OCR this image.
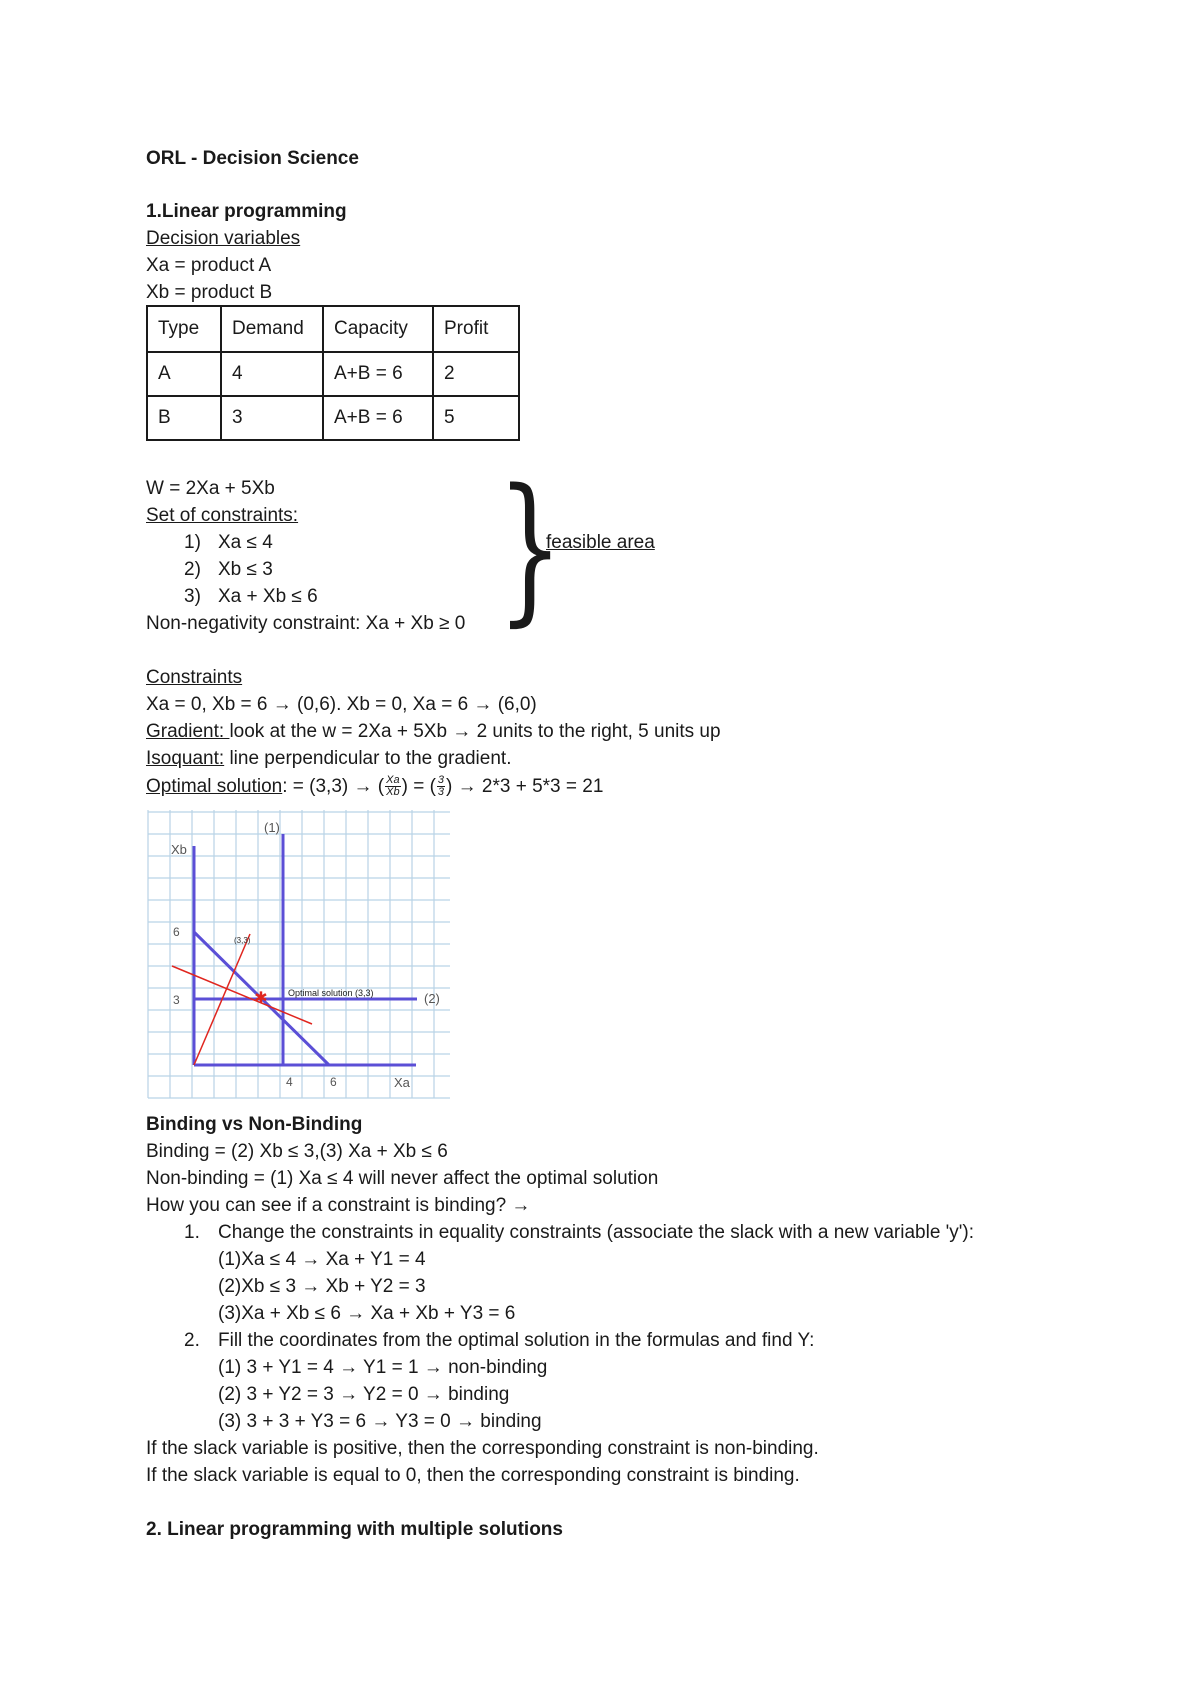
ORL - Decision Science
1.Linear programming
Decision variables
Xa = product A
Xb = product B
Type	Demand	Capacity	Profit
A	4	A+B = 6	2
B	3	A+B = 6	5
W = 2Xa + 5Xb
Set of constraints:
1) Xa ≤ 4
2) Xb ≤ 3
3) Xa + Xb ≤ 6
Non-negativity constraint: Xa + Xb ≥ 0 }
feasible area
Constraints
Xa = 0, Xb = 6 → (0,6). Xb = 0, Xa = 6 → (6,0)
Gradient: look at the w = 2Xa + 5Xb → 2 units to the right, 5 units up
Isoquant: line perpendicular to the gradient.
Optimal solution: = (3,3) → ( $\frac{Xa}{Xb}$ ) = ( $\frac{3}{3}$ ) → 2*3 + 5*3 = 21
✱
Xb
Xa
6
3
4	6
(1)
(2)
(3,3)
Optimal solution (3,3)
Binding vs Non-Binding
Binding = (2) Xb ≤ 3,(3) Xa + Xb ≤ 6
Non-binding = (1) Xa ≤ 4 will never affect the optimal solution
How you can see if a constraint is binding? →
1. Change the constraints in equality constraints (associate the slack with a new variable 'y'):
(1)Xa ≤ 4 → Xa + Y1 = 4
(2)Xb ≤ 3 → Xb + Y2 = 3
(3)Xa + Xb ≤ 6 → Xa + Xb + Y3 = 6
2. Fill the coordinates from the optimal solution in the formulas and find Y:
(1) 3 + Y1 = 4 → Y1 = 1 → non-binding
(2) 3 + Y2 = 3 → Y2 = 0 → binding
(3) 3 + 3 + Y3 = 6 → Y3 = 0 → binding
If the slack variable is positive, then the corresponding constraint is non-binding.
If the slack variable is equal to 0, then the corresponding constraint is binding.
2. Linear programming with multiple solutions
